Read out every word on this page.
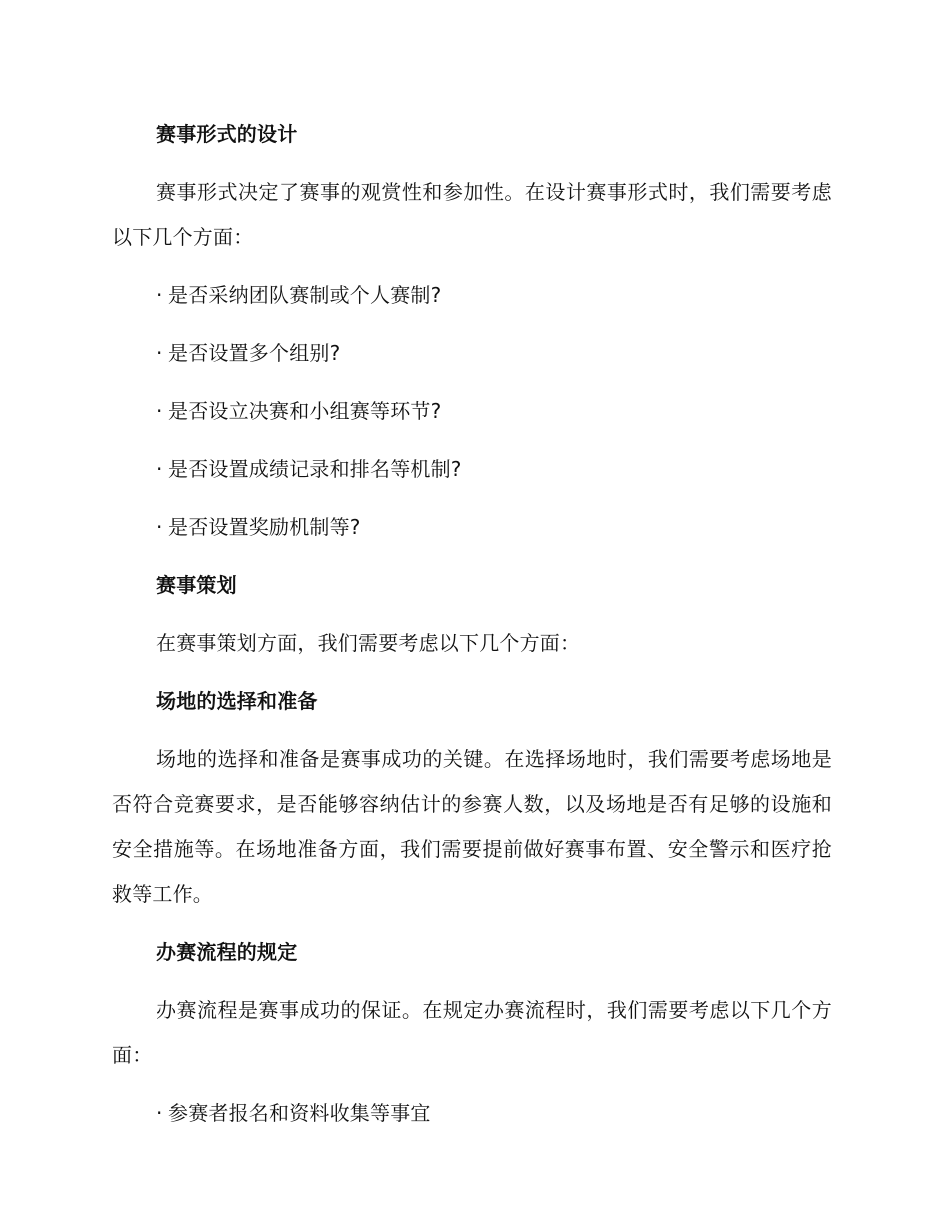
赛事形式的设计
赛事形式决定了赛事的观赏性和参加性。在设计赛事形式时，我们需要考虑以下几个方面：
· 是否采纳团队赛制或个人赛制?
· 是否设置多个组别?
· 是否设立决赛和小组赛等环节?
· 是否设置成绩记录和排名等机制?
· 是否设置奖励机制等?
赛事策划
在赛事策划方面，我们需要考虑以下几个方面：
场地的选择和准备
场地的选择和准备是赛事成功的关键。在选择场地时，我们需要考虑场地是否符合竞赛要求，是否能够容纳估计的参赛人数，以及场地是否有足够的设施和安全措施等。在场地准备方面，我们需要提前做好赛事布置、安全警示和医疗抢救等工作。
办赛流程的规定
办赛流程是赛事成功的保证。在规定办赛流程时，我们需要考虑以下几个方面：
· 参赛者报名和资料收集等事宜
